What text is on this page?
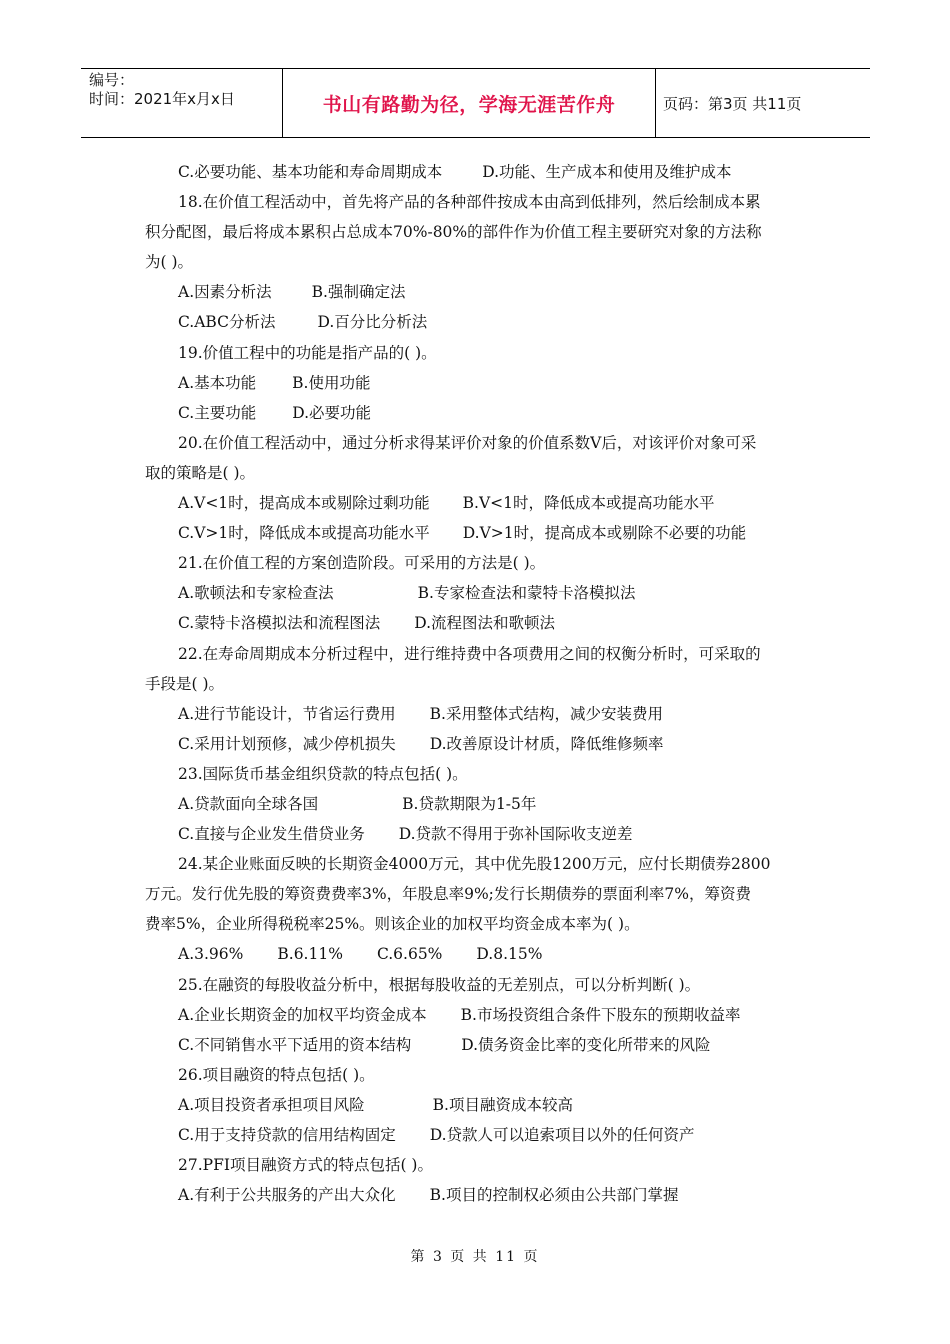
编号：
时间：2021年x月x日	书山有路勤为径，学海无涯苦作舟	页码：第3页 共11页
C.必要功能、基本功能和寿命周期成本	D.功能、生产成本和使用及维护成本
18.在价值工程活动中，首先将产品的各种部件按成本由高到低排列，然后绘制成本累
积分配图，最后将成本累积占总成本70%-80%的部件作为价值工程主要研究对象的方法称
为( )。
A.因素分析法	B.强制确定法
C.ABC分析法	D.百分比分析法
19.价值工程中的功能是指产品的( )。
A.基本功能 B.使用功能
C.主要功能 D.必要功能
20.在价值工程活动中，通过分析求得某评价对象的价值系数V后，对该评价对象可采
取的策略是( )。
A.V<1时，提高成本或剔除过剩功能 B.V<1时，降低成本或提高功能水平
C.V>1时，降低成本或提高功能水平 D.V>1时，提高成本或剔除不必要的功能
21.在价值工程的方案创造阶段。可采用的方法是( )。
A.歌顿法和专家检查法	B.专家检查法和蒙特卡洛模拟法
C.蒙特卡洛模拟法和流程图法 D.流程图法和歌顿法
22.在寿命周期成本分析过程中，进行维持费中各项费用之间的权衡分析时，可采取的
手段是( )。
A.进行节能设计，节省运行费用 B.采用整体式结构，减少安装费用
C.采用计划预修，减少停机损失 D.改善原设计材质，降低维修频率
23.国际货币基金组织贷款的特点包括( )。
A.贷款面向全球各国	B.贷款期限为1-5年
C.直接与企业发生借贷业务 D.贷款不得用于弥补国际收支逆差
24.某企业账面反映的长期资金4000万元，其中优先股1200万元，应付长期债券2800
万元。发行优先股的筹资费费率3%，年股息率9%;发行长期债券的票面利率7%，筹资费
费率5%，企业所得税税率25%。则该企业的加权平均资金成本率为( )。
A.3.96% B.6.11% C.6.65% D.8.15%
25.在融资的每股收益分析中，根据每股收益的无差别点，可以分析判断( )。
A.企业长期资金的加权平均资金成本 B.市场投资组合条件下股东的预期收益率
C.不同销售水平下适用的资本结构	D.债务资金比率的变化所带来的风险
26.项目融资的特点包括( )。
A.项目投资者承担项目风险	B.项目融资成本较高
C.用于支持贷款的信用结构固定 D.贷款人可以追索项目以外的任何资产
27.PFI项目融资方式的特点包括( )。
A.有利于公共服务的产出大众化 B.项目的控制权必须由公共部门掌握
第 3 页 共 11 页
